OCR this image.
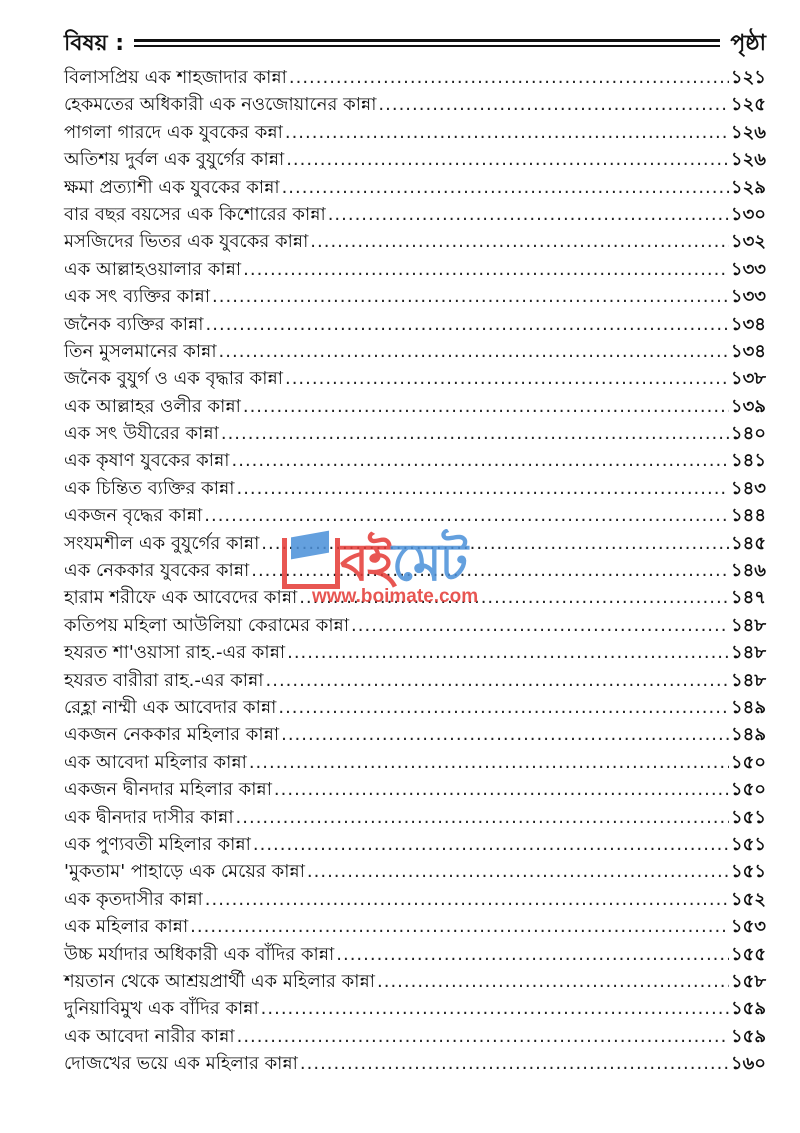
বিষয় :	পৃষ্ঠা
বিলাসপ্রিয় এক শাহজাদার কান্না .....	১২১
হেকমতের অধিকারী এক নওজোয়ানের কান্না .....	১২৫
পাগলা গারদে এক যুবকের কন্না .....	১২৬
অতিশয় দুর্বল এক বুযুর্গের কান্না .....	১২৬
ক্ষমা প্রত্যাশী এক যুবকের কান্না .....	১২৯
বার বছর বয়সের এক কিশোরের কান্না .....	১৩০
মসজিদের ভিতর এক যুবকের কান্না .....	১৩২
এক আল্লাহওয়ালার কান্না .....	১৩৩
এক সৎ ব্যক্তির কান্না .....	১৩৩
জনৈক ব্যক্তির কান্না .....	১৩৪
তিন মুসলমানের কান্না .....	১৩৪
জনৈক বুযুর্গ ও এক বৃদ্ধার কান্না .....	১৩৮
এক আল্লাহর ওলীর কান্না .....	১৩৯
এক সৎ উযীরের কান্না .....	১৪০
এক কৃষাণ যুবকের কান্না .....	১৪১
এক চিন্তিত ব্যক্তির কান্না .....	১৪৩
একজন বৃদ্ধের কান্না .....	১৪৪
সংযমশীল এক বুযুর্গের কান্না .....	১৪৫
এক নেককার যুবকের কান্না .....	১৪৬
হারাম শরীফে এক আবেদের কান্না .....	১৪৭
কতিপয় মহিলা আউলিয়া কেরামের কান্না .....	১৪৮
হযরত শা'ওয়াসা রাহ.-এর কান্না .....	১৪৮
হযরত বারীরা রাহ.-এর কান্না .....	১৪৮
রেহ্লা নাম্মী এক আবেদার কান্না .....	১৪৯
একজন নেককার মহিলার কান্না .....	১৪৯
এক আবেদা মহিলার কান্না .....	১৫০
একজন দ্বীনদার মহিলার কান্না .....	১৫০
এক দ্বীনদার দাসীর কান্না .....	১৫১
এক পুণ্যবতী মহিলার কান্না .....	১৫১
'মুকতাম' পাহাড়ে এক মেয়ের কান্না .....	১৫১
এক কৃতদাসীর কান্না .....	১৫২
এক মহিলার কান্না .....	১৫৩
উচ্চ মর্যাদার অধিকারী এক বাঁদির কান্না .....	১৫৫
শয়তান থেকে আশ্রয়প্রার্থী এক মহিলার কান্না .....	১৫৮
দুনিয়াবিমুখ এক বাঁদির কান্না .....	১৫৯
এক আবেদা নারীর কান্না .....	১৫৯
দোজখের ভয়ে এক মহিলার কান্না .....	১৬০
বইমেট
www.boimate.com
